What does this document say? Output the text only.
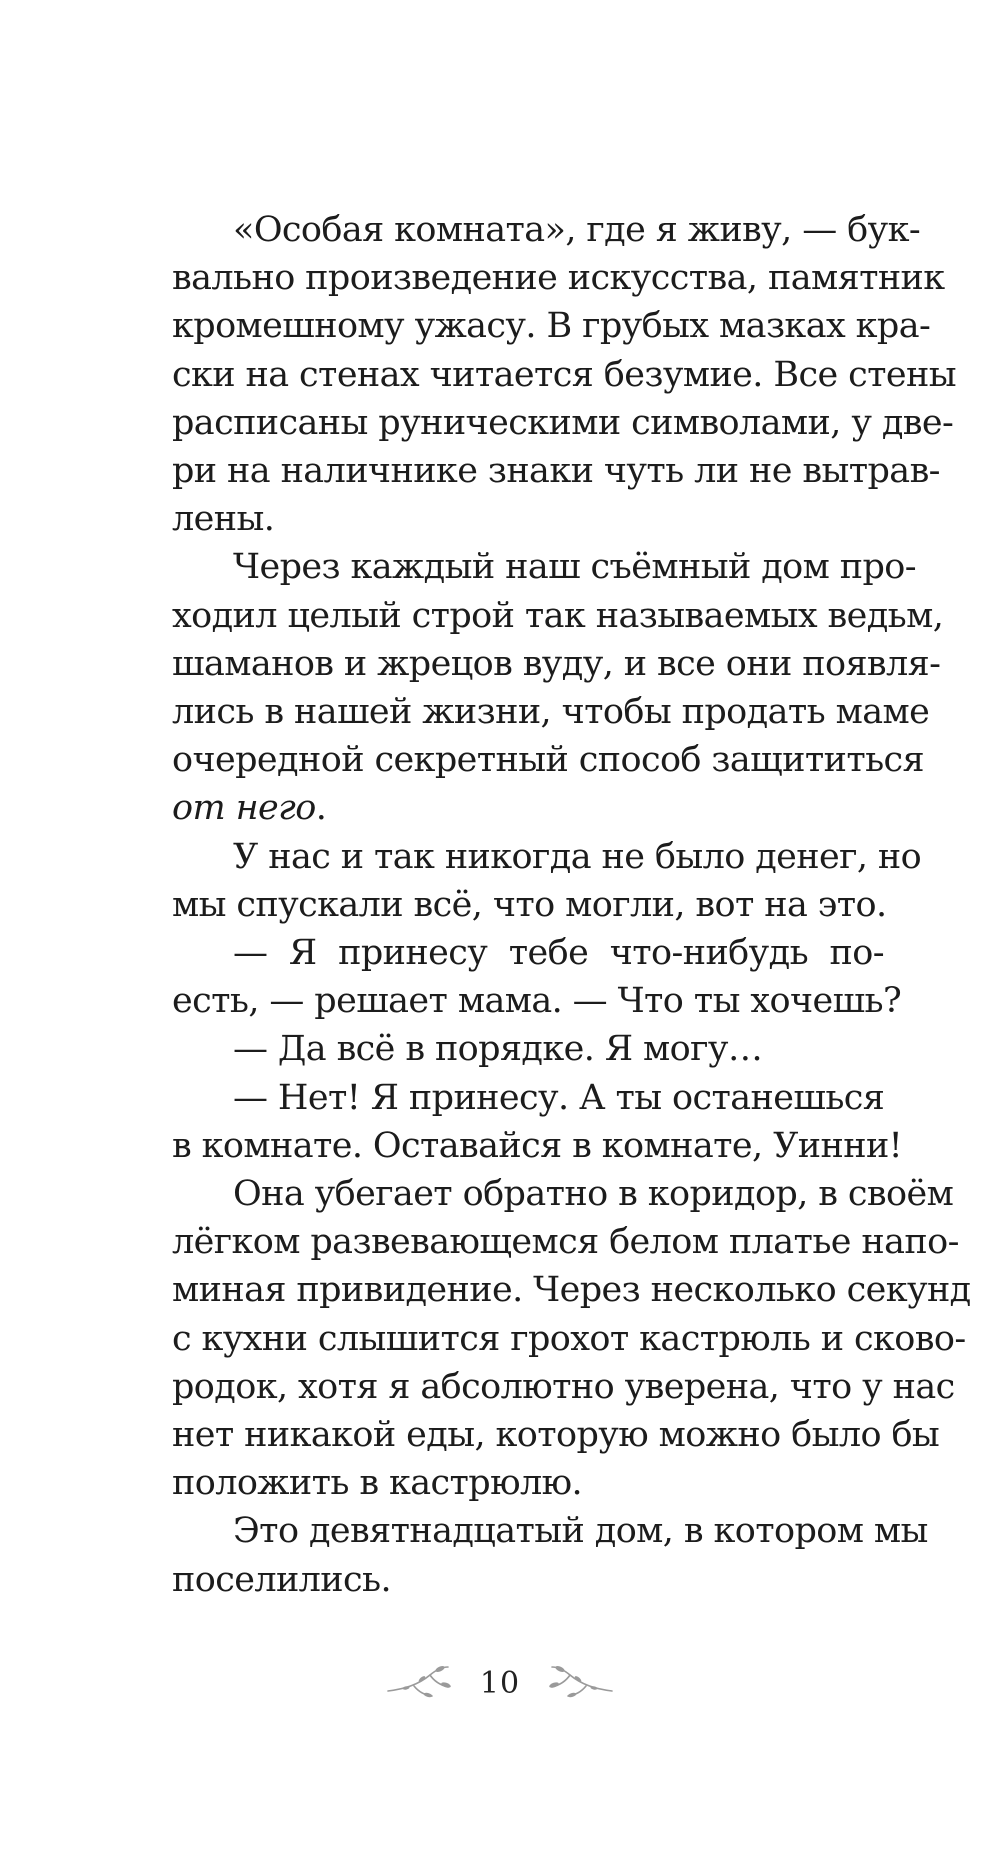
«Особая комната», где я живу, — бук-
вально произведение искусства, памятник
кромешному ужасу. В грубых мазках кра-
ски на стенах читается безумие. Все стены
расписаны руническими символами, у две-
ри на наличнике знаки чуть ли не вытрав-
лены.
Через каждый наш съёмный дом про-
ходил целый строй так называемых ведьм,
шаманов и жрецов вуду, и все они появля-
лись в нашей жизни, чтобы продать маме
очередной секретный способ защититься
от него.
У нас и так никогда не было денег, но
мы спускали всё, что могли, вот на это.
— Я принесу тебе что-нибудь по-
есть, — решает мама. — Что ты хочешь?
— Да всё в порядке. Я могу…
— Нет! Я принесу. А ты останешься
в комнате. Оставайся в комнате, Уинни!
Она убегает обратно в коридор, в своём
лёгком развевающемся белом платье напо-
миная привидение. Через несколько секунд
с кухни слышится грохот кастрюль и сково-
родок, хотя я абсолютно уверена, что у нас
нет никакой еды, которую можно было бы
положить в кастрюлю.
Это девятнадцатый дом, в котором мы
поселились.
10
